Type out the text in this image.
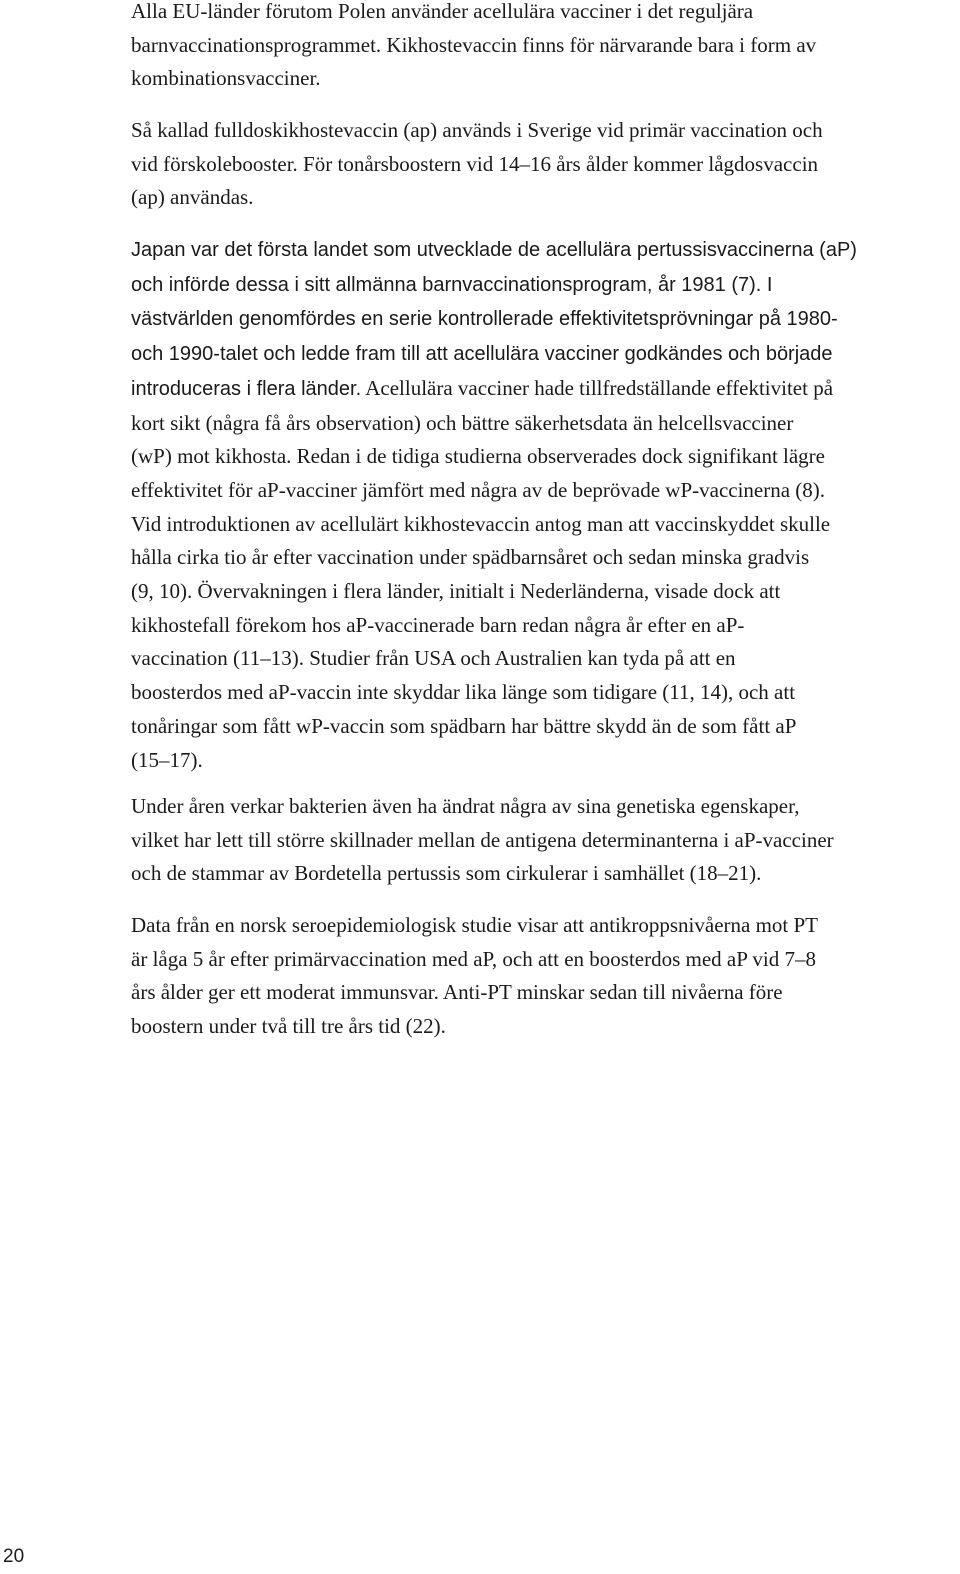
Alla EU-länder förutom Polen använder acellulära vacciner i det reguljära
barnvaccinationsprogrammet. Kikhostevaccin finns för närvarande bara i form av
kombinationsvacciner.

Så kallad fulldoskikhostevaccin (ap) används i Sverige vid primär vaccination och
vid förskolebooster. För tonårsboostern vid 14–16 års ålder kommer lågdosvaccin
(ap) användas.

Japan var det första landet som utvecklade de acellulära pertussisvaccinerna (aP)
och införde dessa i sitt allmänna barnvaccinationsprogram, år 1981 (7). I
västvärlden genomfördes en serie kontrollerade effektivitetsprövningar på 1980-
och 1990-talet och ledde fram till att acellulära vacciner godkändes och började
introduceras i flera länder. Acellulära vacciner hade tillfredställande effektivitet på
kort sikt (några få års observation) och bättre säkerhetsdata än helcellsvacciner
(wP) mot kikhosta. Redan i de tidiga studierna observerades dock signifikant lägre
effektivitet för aP-vacciner jämfört med några av de beprövade wP-vaccinerna (8).
Vid introduktionen av acellulärt kikhostevaccin antog man att vaccinskyddet skulle
hålla cirka tio år efter vaccination under spädbarnsåret och sedan minska gradvis
(9, 10). Övervakningen i flera länder, initialt i Nederländerna, visade dock att
kikhostefall förekom hos aP-vaccinerade barn redan några år efter en aP-
vaccination (11–13). Studier från USA och Australien kan tyda på att en
boosterdos med aP-vaccin inte skyddar lika länge som tidigare (11, 14), och att
tonåringar som fått wP-vaccin som spädbarn har bättre skydd än de som fått aP
(15–17).

Under åren verkar bakterien även ha ändrat några av sina genetiska egenskaper,
vilket har lett till större skillnader mellan de antigena determinanterna i aP-vacciner
och de stammar av Bordetella pertussis som cirkulerar i samhället (18–21).

Data från en norsk seroepidemiologisk studie visar att antikroppsnivåerna mot PT
är låga 5 år efter primärvaccination med aP, och att en boosterdos med aP vid 7–8
års ålder ger ett moderat immunsvar. Anti-PT minskar sedan till nivåerna före
boostern under två till tre års tid (22).

20
